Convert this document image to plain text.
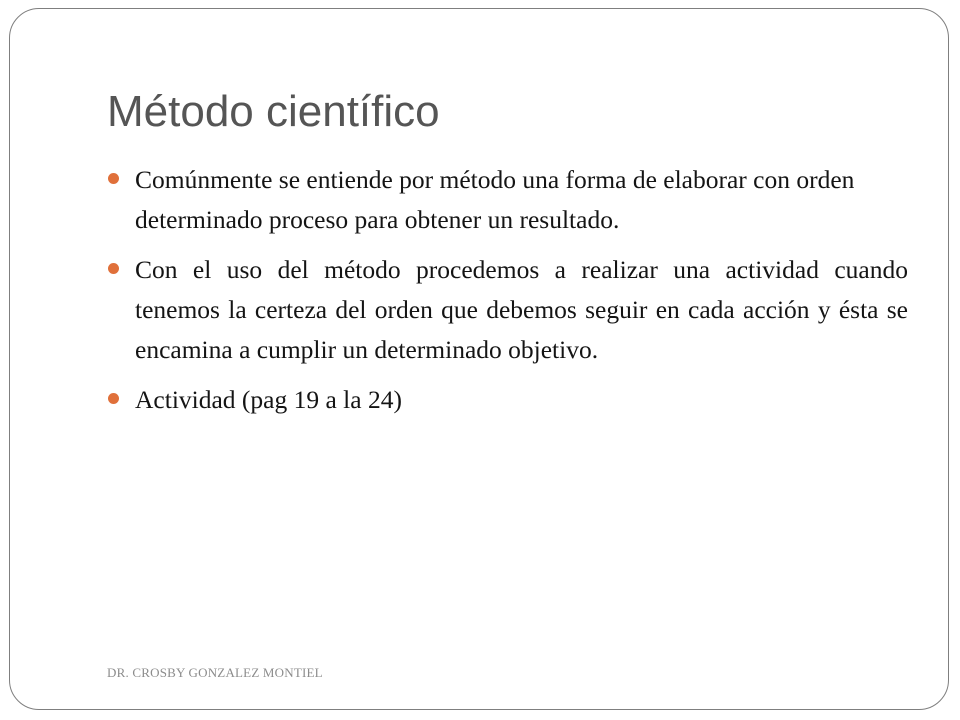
Método científico
Comúnmente se entiende por método una forma de elaborar con orden determinado proceso para obtener un resultado.
Con el uso del método procedemos a realizar una actividad cuando tenemos la certeza del orden que debemos seguir en cada acción y ésta se encamina a cumplir un determinado objetivo.
Actividad (pag 19 a la 24)

DR. CROSBY GONZALEZ MONTIEL
